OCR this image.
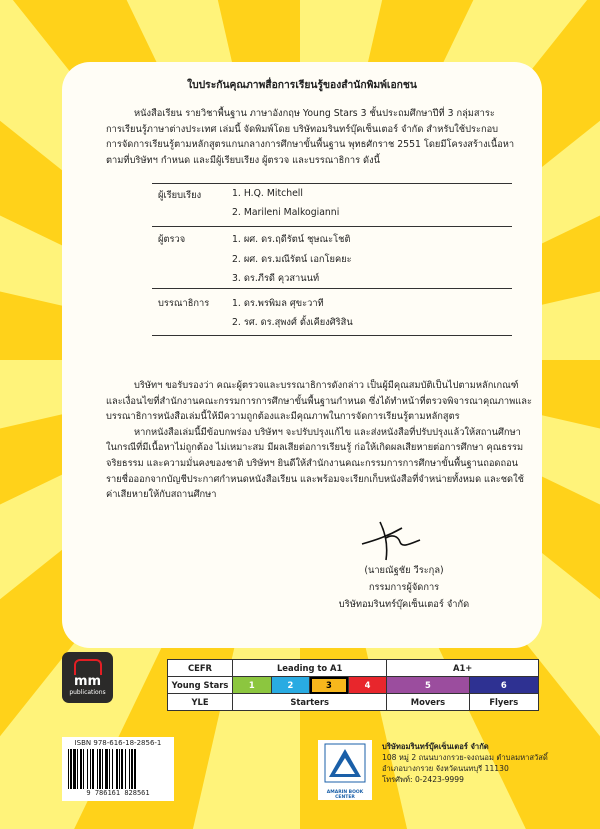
ใบประกันคุณภาพสื่อการเรียนรู้ของสำนักพิมพ์เอกชน
หนังสือเรียน รายวิชาพื้นฐาน ภาษาอังกฤษ Young Stars 3 ชั้นประถมศึกษาปีที่ 3 กลุ่มสาระ
การเรียนรู้ภาษาต่างประเทศ เล่มนี้ จัดพิมพ์โดย บริษัทอมรินทร์บุ๊คเซ็นเตอร์ จำกัด สำหรับใช้ประกอบ
การจัดการเรียนรู้ตามหลักสูตรแกนกลางการศึกษาขั้นพื้นฐาน พุทธศักราช 2551 โดยมีโครงสร้างเนื้อหา
ตามที่บริษัทฯ กำหนด และมีผู้เรียบเรียง ผู้ตรวจ และบรรณาธิการ ดังนี้
ผู้เรียบเรียง	1. H.Q. Mitchell
2. Marileni Malkogianni
ผู้ตรวจ	1. ผศ. ดร.ฤดีรัตน์ ชุษณะโชติ
2. ผศ. ดร.มณีรัตน์ เอกโยคยะ
3. ดร.ภีรดี คุวสานนท์
บรรณาธิการ 1. ดร.พรพิมล ศุขะวาที
2. รศ. ดร.สุพงศ์ ตั้งเคียงศิริสิน
บริษัทฯ ขอรับรองว่า คณะผู้ตรวจและบรรณาธิการดังกล่าว เป็นผู้มีคุณสมบัติเป็นไปตามหลักเกณฑ์
และเงื่อนไขที่สำนักงานคณะกรรมการการศึกษาขั้นพื้นฐานกำหนด ซึ่งได้ทำหน้าที่ตรวจพิจารณาคุณภาพและ
บรรณาธิการหนังสือเล่มนี้ให้มีความถูกต้องและมีคุณภาพในการจัดการเรียนรู้ตามหลักสูตร
หากหนังสือเล่มนี้มีข้อบกพร่อง บริษัทฯ จะปรับปรุงแก้ไข และส่งหนังสือที่ปรับปรุงแล้วให้สถานศึกษา
ในกรณีที่มีเนื้อหาไม่ถูกต้อง ไม่เหมาะสม มีผลเสียต่อการเรียนรู้ ก่อให้เกิดผลเสียหายต่อการศึกษา คุณธรรม
จริยธรรม และความมั่นคงของชาติ บริษัทฯ ยินดีให้สำนักงานคณะกรรมการการศึกษาขั้นพื้นฐานถอดถอน
รายชื่อออกจากบัญชีประกาศกำหนดหนังสือเรียน และพร้อมจะเรียกเก็บหนังสือที่จำหน่ายทั้งหมด และชดใช้
ค่าเสียหายให้กับสถานศึกษา
(นายณัฐชัย วีระกุล)
กรรมการผู้จัดการ
บริษัทอมรินทร์บุ๊คเซ็นเตอร์ จำกัด
mm
publications
CEFR	Leading to A1				A1+	
Young Stars	1	2	3	4	5	6
YLE	Starters				Movers	Flyers
ISBN 978-616-18-2856-1
9 786161 828561	AMARIN BOOK CENTER
บริษัทอมรินทร์บุ๊คเซ็นเตอร์ จำกัด
108 หมู่ 2 ถนนบางกรวย-จงถนอม ตำบลมหาสวัสดิ์
อำเภอบางกรวย จังหวัดนนทบุรี 11130
โทรศัพท์: 0-2423-9999
